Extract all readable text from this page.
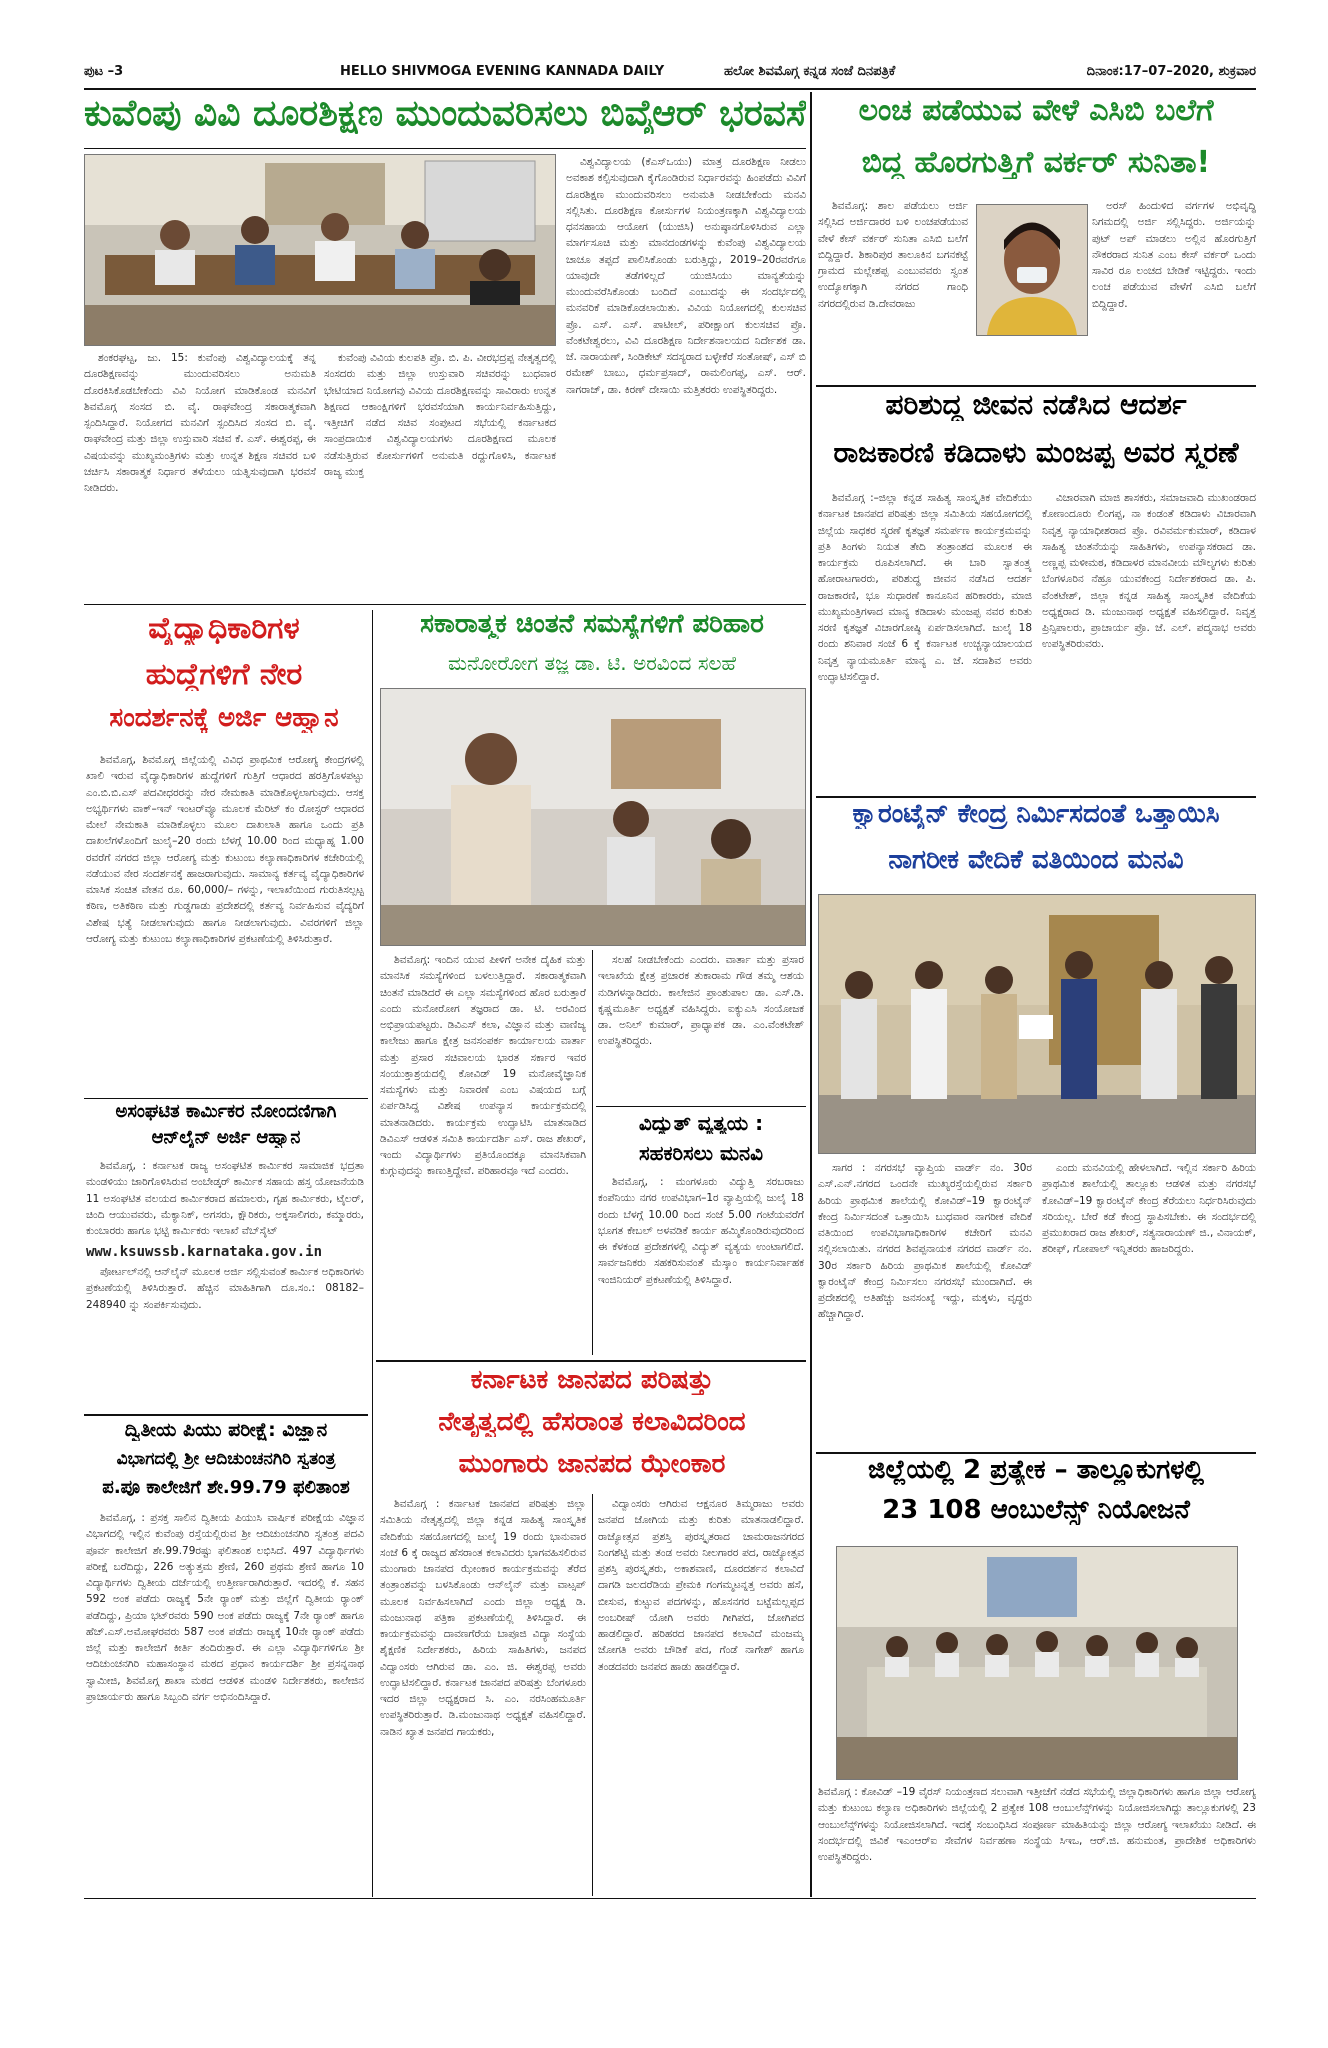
ಪುಟ –3	HELLO SHIVMOGA EVENING KANNADA DAILY	ಹಲೋ ಶಿವಮೊಗ್ಗ ಕನ್ನಡ ಸಂಜೆ ದಿನಪತ್ರಿಕೆ	ದಿನಾಂಕ:17–07–2020, ಶುಕ್ರವಾರ
ಕುವೆಂಪು ವಿವಿ ದೂರಶಿಕ್ಷಣ ಮುಂದುವರಿಸಲು ಬಿವೈಆರ್ ಭರವಸೆ

ಶಂಕರಘಟ್ಟ, ಜು. 15: ಕುವೆಂಪು ವಿಶ್ವವಿದ್ಯಾಲಯಕ್ಕೆ ತನ್ನ ದೂರಶಿಕ್ಷಣವನ್ನು ಮುಂದುವರಿಸಲು ಅನುಮತಿ ದೊರಕಿಸಿಕೊಡಬೇಕೆಂದು ವಿವಿ ನಿಯೋಗ ಮಾಡಿಕೊಂಡ ಮನವಿಗೆ ಶಿವಮೊಗ್ಗ ಸಂಸದ ಬಿ. ವೈ. ರಾಘವೇಂದ್ರ ಸಕಾರಾತ್ಮಕವಾಗಿ ಸ್ಪಂದಿಸಿದ್ದಾರೆ. ನಿಯೋಗದ ಮನವಿಗೆ ಸ್ಪಂದಿಸಿದ ಸಂಸದ ಬಿ. ವೈ. ರಾಘವೇಂದ್ರ ಮತ್ತು ಜಿಲ್ಲಾ ಉಸ್ತುವಾರಿ ಸಚಿವ ಕೆ. ಎಸ್. ಈಶ್ವರಪ್ಪ, ಈ ವಿಷಯವನ್ನು ಮುಖ್ಯಮಂತ್ರಿಗಳು ಮತ್ತು ಉನ್ನತ ಶಿಕ್ಷಣ ಸಚಿವರ ಬಳಿ ಚರ್ಚಿಸಿ ಸಕಾರಾತ್ಮಕ ನಿರ್ಧಾರ ತಳೆಯಲು ಯತ್ನಿಸುವುದಾಗಿ ಭರವಸೆ ನೀಡಿದರು.

ಕುವೆಂಪು ವಿವಿಯ ಕುಲಪತಿ ಪ್ರೊ. ಬಿ. ಪಿ. ವೀರಭದ್ರಪ್ಪ ನೇತೃತ್ವದಲ್ಲಿ ಸಂಸದರು ಮತ್ತು ಜಿಲ್ಲಾ ಉಸ್ತುವಾರಿ ಸಚಿವರನ್ನು ಬುಧವಾರ ಭೇಟಿಯಾದ ನಿಯೋಗವು ವಿವಿಯ ದೂರಶಿಕ್ಷಣವನ್ನು ಸಾವಿರಾರು ಉನ್ನತ ಶಿಕ್ಷಣದ ಆಕಾಂಕ್ಷಿಗಳಿಗೆ ಭರವಸೆಯಾಗಿ ಕಾರ್ಯನಿರ್ವಹಿಸುತ್ತಿದ್ದು, ಇತ್ತೀಚಿಗೆ ನಡೆದ ಸಚಿವ ಸಂಪುಟದ ಸಭೆಯಲ್ಲಿ ಕರ್ನಾಟಕದ ಸಾಂಪ್ರದಾಯಿಕ ವಿಶ್ವವಿದ್ಯಾಲಯಗಳು ದೂರಶಿಕ್ಷಣದ ಮೂಲಕ ನಡೆಸುತ್ತಿರುವ ಕೋರ್ಸುಗಳಿಗೆ ಅನುಮತಿ ರದ್ದುಗೊಳಿಸಿ, ಕರ್ನಾಟಕ ರಾಜ್ಯ ಮುಕ್ತ

ವಿಶ್ವವಿದ್ಯಾಲಯ (ಕೆಎಸ್‌ಒಯು) ಮಾತ್ರ ದೂರಶಿಕ್ಷಣ ನೀಡಲು ಅವಕಾಶ ಕಲ್ಪಿಸುವುದಾಗಿ ಕೈಗೊಂಡಿರುವ ನಿರ್ಧಾರವನ್ನು ಹಿಂಪಡೆದು ವಿವಿಗೆ ದೂರಶಿಕ್ಷಣ ಮುಂದುವರಿಸಲು ಅನುಮತಿ ನೀಡಬೇಕೆಂದು ಮನವಿ ಸಲ್ಲಿಸಿತು. ದೂರಶಿಕ್ಷಣ ಕೋರ್ಸುಗಳ ನಿಯಂತ್ರಣಕ್ಕಾಗಿ ವಿಶ್ವವಿದ್ಯಾಲಯ ಧನಸಹಾಯ ಆಯೋಗ (ಯುಜಿಸಿ) ಅನುಷ್ಠಾನಗೊಳಿಸಿರುವ ಎಲ್ಲಾ ಮಾರ್ಗಸೂಚಿ ಮತ್ತು ಮಾನದಂಡಗಳನ್ನು ಕುವೆಂಪು ವಿಶ್ವವಿದ್ಯಾಲಯ ಚಾಚೂ ತಪ್ಪದೆ ಪಾಲಿಸಿಕೊಂಡು ಬರುತ್ತಿದ್ದು, 2019–20ರವರೆಗೂ ಯಾವುದೇ ತಡೆಗಳಿಲ್ಲದೆ ಯುಜಿಸಿಯು ಮಾನ್ಯತೆಯನ್ನು ಮುಂದುವರೆಸಿಕೊಂಡು ಬಂದಿದೆ ಎಂಬುದನ್ನು ಈ ಸಂದರ್ಭದಲ್ಲಿ ಮನವರಿಕೆ ಮಾಡಿಕೊಡಲಾಯಿತು. ವಿವಿಯ ನಿಯೋಗದಲ್ಲಿ ಕುಲಸಚಿವ ಪ್ರೊ. ಎಸ್. ಎಸ್. ಪಾಟೀಲ್, ಪರೀಕ್ಷಾಂಗ ಕುಲಸಚಿವ ಪ್ರೊ. ವೆಂಕಟೇಶ್ವರಲು, ವಿವಿ ದೂರಶಿಕ್ಷಣ ನಿರ್ದೇಶನಾಲಯದ ನಿರ್ದೇಶಕ ಡಾ. ಜೆ. ನಾರಾಯಣ್, ಸಿಂಡಿಕೇಟ್ ಸದಸ್ಯರಾದ ಬಳ್ಳೇಕೆರೆ ಸಂತೋಷ್, ಎಸ್ ಬಿ ರಮೇಶ್ ಬಾಬು, ಧರ್ಮಪ್ರಸಾದ್, ರಾಮಲಿಂಗಪ್ಪ, ಎಸ್. ಆರ್. ನಾಗರಾಜ್, ಡಾ. ಕಿರಣ್ ದೇಸಾಯಿ ಮತ್ತಿತರರು ಉಪಸ್ಥಿತರಿದ್ದರು.

ಲಂಚ ಪಡೆಯುವ ವೇಳೆ ಎಸಿಬಿ ಬಲೆಗೆ
ಬಿದ್ದ ಹೊರಗುತ್ತಿಗೆ ವರ್ಕರ್ ಸುನಿತಾ!

ಶಿವಮೊಗ್ಗ: ಶಾಲ ಪಡೆಯಲು ಅರ್ಜಿ ಸಲ್ಲಿಸಿದ ಅರ್ಜಿದಾರರ ಬಳಿ ಲಂಚಪಡೆಯುವ ವೇಳೆ ಕೇಸ್ ವರ್ಕರ್ ಸುನಿತಾ ಎಸಿಬಿ ಬಲೆಗೆ ಬಿದ್ದಿದ್ದಾರೆ. ಶಿಕಾರಿಪುರ ತಾಲೂಕಿನ ಬಗನಕಟ್ಟೆ ಗ್ರಾಮದ ಮಲ್ಲೇಶಪ್ಪ ಎಂಬುವವರು ಸ್ವಂತ ಉದ್ಯೋಗಕ್ಕಾಗಿ ನಗರದ ಗಾಂಧಿ ನಗರದಲ್ಲಿರುವ ಡಿ.ದೇವರಾಜು

ಅರಸ್ ಹಿಂದುಳಿದ ವರ್ಗಗಳ ಅಭಿವೃದ್ಧಿ ನಿಗಮದಲ್ಲಿ ಅರ್ಜಿ ಸಲ್ಲಿಸಿದ್ದರು. ಅರ್ಜಿಯನ್ನು ಪುಟ್ ಅಪ್ ಮಾಡಲು ಅಲ್ಲಿನ ಹೊರಗುತ್ತಿಗೆ ನೌಕರರಾದ ಸುನಿತ ಎಂಬ ಕೇಸ್ ವರ್ಕರ್ ಒಂದು ಸಾವಿರ ರೂ ಲಂಚದ ಬೇಡಿಕೆ ಇಟ್ಟಿದ್ದರು. ಇಂದು ಲಂಚ ಪಡೆಯುವ ವೇಳೆಗೆ ಎಸಿಬಿ ಬಲೆಗೆ ಬಿದ್ದಿದ್ದಾರೆ.

ಪರಿಶುದ್ಧ ಜೀವನ ನಡೆಸಿದ ಆದರ್ಶ
ರಾಜಕಾರಣಿ ಕಡಿದಾಳು ಮಂಜಪ್ಪ ಅವರ ಸ್ಮರಣೆ

ಶಿವಮೊಗ್ಗ :–ಜಿಲ್ಲಾ ಕನ್ನಡ ಸಾಹಿತ್ಯ ಸಾಂಸ್ಕೃತಿಕ ವೇದಿಕೆಯು ಕರ್ನಾಟಕ ಜಾನಪದ ಪರಿಷತ್ತು ಜಿಲ್ಲಾ ಸಮಿತಿಯ ಸಹಯೋಗದಲ್ಲಿ ಜಿಲ್ಲೆಯ ಸಾಧಕರ ಸ್ಮರಣೆ ಕೃತಜ್ಞತೆ ಸಮರ್ಪಣ ಕಾರ್ಯಕ್ರಮವನ್ನು ಪ್ರತಿ ತಿಂಗಳು ನಿಯತ ತೇದಿ ತಂತ್ರಾಂಶದ ಮೂಲಕ ಈ ಕಾರ್ಯಕ್ರಮ ರೂಪಿಸಲಾಗಿದೆ. ಈ ಬಾರಿ ಸ್ವಾತಂತ್ರ್ಯ ಹೋರಾಟಗಾರರು, ಪರಿಶುದ್ಧ ಜೀವನ ನಡೆಸಿದ ಆದರ್ಶ ರಾಜಕಾರಣಿ, ಭೂ ಸುಧಾರಣೆ ಕಾನೂನಿನ ಹರಿಕಾರರು, ಮಾಜಿ ಮುಖ್ಯಮಂತ್ರಿಗಳಾದ ಮಾನ್ಯ ಕಡಿದಾಳು ಮಂಜಪ್ಪ ನವರ ಕುರಿತು ಸರಣಿ ಕೃತಜ್ಞತೆ ವಿಚಾರಗೋಷ್ಠಿ ಏರ್ಪಡಿಸಲಾಗಿದೆ. ಜುಲೈ 18 ರಂದು ಶನಿವಾರ ಸಂಜೆ 6 ಕ್ಕೆ ಕರ್ನಾಟಕ ಉಚ್ಚನ್ಯಾಯಾಲಯದ ನಿವೃತ್ತ ನ್ಯಾಯಮೂರ್ತಿ ಮಾನ್ಯ ಎ. ಜೆ. ಸದಾಶಿವ ಅವರು ಉದ್ಘಾಟಿಸಲಿದ್ದಾರೆ.

ವಿಚಾರವಾಗಿ ಮಾಜಿ ಶಾಸಕರು, ಸಮಾಜವಾದಿ ಮುಖಂಡರಾದ ಕೋಣಂದೂರು ಲಿಂಗಪ್ಪ, ನಾ ಕಂಡಂತೆ ಕಡಿದಾಳು ವಿಚಾರವಾಗಿ ನಿವೃತ್ತ ನ್ಯಾಯಾಧೀಶರಾದ ಪ್ರೊ. ರವಿವರ್ಮಕುಮಾರ್, ಕಡಿದಾಳ ಸಾಹಿತ್ಯ ಚಿಂತನೆಯನ್ನು ಸಾಹಿತಿಗಳು, ಉಪನ್ಯಾಸಕರಾದ ಡಾ. ಅಣ್ಣಪ್ಪ ಮಳೀಮಠ, ಕಡಿದಾಳರ ಮಾನವೀಯ ಮೌಲ್ಯಗಳು ಕುರಿತು ಬೆಂಗಳೂರಿನ ನೆಹ್ರೂ ಯುವಕೇಂದ್ರ ನಿರ್ದೇಶಕರಾದ ಡಾ. ಪಿ. ವೆಂಕಟೇಶ್, ಜಿಲ್ಲಾ ಕನ್ನಡ ಸಾಹಿತ್ಯ ಸಾಂಸ್ಕೃತಿಕ ವೇದಿಕೆಯ ಅಧ್ಯಕ್ಷರಾದ ಡಿ. ಮಂಜುನಾಥ ಅಧ್ಯಕ್ಷತೆ ವಹಿಸಲಿದ್ದಾರೆ. ನಿವೃತ್ತ ಪ್ರಿನ್ಸಿಪಾಲರು, ಪ್ರಾಚಾರ್ಯ ಪ್ರೊ. ಜೆ. ಎಲ್. ಪದ್ಮನಾಭ ಅವರು ಉಪಸ್ಥಿತರಿರುವರು.

ಕ್ವಾರಂಟೈನ್ ಕೇಂದ್ರ ನಿರ್ಮಿಸದಂತೆ ಒತ್ತಾಯಿಸಿ
ನಾಗರೀಕ ವೇದಿಕೆ ವತಿಯಿಂದ ಮನವಿ

ಸಾಗರ : ನಗರಸಭೆ ವ್ಯಾಪ್ತಿಯ ವಾರ್ಡ್ ನಂ. 30ರ ಎಸ್.ಎನ್.ನಗರದ ಒಂದನೇ ಮುಖ್ಯರಸ್ತೆಯಲ್ಲಿರುವ ಸರ್ಕಾರಿ ಹಿರಿಯ ಪ್ರಾಥಮಿಕ ಶಾಲೆಯಲ್ಲಿ ಕೋವಿಡ್–19 ಕ್ವಾರಂಟೈನ್ ಕೇಂದ್ರ ನಿರ್ಮಿಸದಂತೆ ಒತ್ತಾಯಿಸಿ ಬುಧವಾರ ನಾಗರೀಕ ವೇದಿಕೆ ವತಿಯಿಂದ ಉಪವಿಭಾಗಾಧಿಕಾರಿಗಳ ಕಚೇರಿಗೆ ಮನವಿ ಸಲ್ಲಿಸಲಾಯಿತು. ನಗರದ ಶಿವಪ್ಪನಾಯಕ ನಗರದ ವಾರ್ಡ್ ನಂ. 30ರ ಸರ್ಕಾರಿ ಹಿರಿಯ ಪ್ರಾಥಮಿಕ ಶಾಲೆಯಲ್ಲಿ ಕೋವಿಡ್ ಕ್ವಾರಂಟೈನ್ ಕೇಂದ್ರ ನಿರ್ಮಿಸಲು ನಗರಸಭೆ ಮುಂದಾಗಿದೆ. ಈ ಪ್ರದೇಶದಲ್ಲಿ ಅತಿಹೆಚ್ಚು ಜನಸಂಖ್ಯೆ ಇದ್ದು, ಮಕ್ಕಳು, ವೃದ್ಧರು ಹೆಚ್ಚಾಗಿದ್ದಾರೆ.

ಎಂದು ಮನವಿಯಲ್ಲಿ ಹೇಳಲಾಗಿದೆ. ಇಲ್ಲಿನ ಸರ್ಕಾರಿ ಹಿರಿಯ ಪ್ರಾಥಮಿಕ ಶಾಲೆಯಲ್ಲಿ ತಾಲ್ಲೂಕು ಆಡಳಿತ ಮತ್ತು ನಗರಸಭೆ ಕೋವಿಡ್–19 ಕ್ವಾರಂಟೈನ್ ಕೇಂದ್ರ ತೆರೆಯಲು ನಿರ್ಧರಿಸಿರುವುದು ಸರಿಯಲ್ಲ. ಬೇರೆ ಕಡೆ ಕೇಂದ್ರ ಸ್ಥಾಪಿಸಬೇಕು. ಈ ಸಂದರ್ಭದಲ್ಲಿ ಪ್ರಮುಖರಾದ ರಾಜ ಶೇಖರ್, ಸತ್ಯನಾರಾಯಣ್ ಜಿ., ವಿನಾಯಕ್, ಶರೀಫ್, ಗೋಪಾಲ್ ಇನ್ನಿತರರು ಹಾಜರಿದ್ದರು.

ಜಿಲ್ಲೆಯಲ್ಲಿ 2 ಪ್ರತ್ಯೇಕ – ತಾಲ್ಲೂಕುಗಳಲ್ಲಿ
23 108 ಆಂಬುಲೆನ್ಸ್ ನಿಯೋಜನೆ
ಶಿವಮೊಗ್ಗ : ಕೋವಿಡ್ –19 ವೈರಸ್ ನಿಯಂತ್ರಣದ ಸಲುವಾಗಿ ಇತ್ತೀಚೆಗೆ ನಡೆದ ಸಭೆಯಲ್ಲಿ ಜಿಲ್ಲಾಧಿಕಾರಿಗಳು ಹಾಗೂ ಜಿಲ್ಲಾ ಆರೋಗ್ಯ ಮತ್ತು ಕುಟುಂಬ ಕಲ್ಯಾಣ ಅಧಿಕಾರಿಗಳು ಜಿಲ್ಲೆಯಲ್ಲಿ 2 ಪ್ರತ್ಯೇಕ 108 ಆಂಬುಲೆನ್ಸ್‌ಗಳನ್ನು ನಿಯೋಜಿಸಲಾಗಿದ್ದು ತಾಲ್ಲೂಕುಗಳಲ್ಲಿ 23 ಆಂಬುಲೆನ್ಸ್‌ಗಳನ್ನು ನಿಯೋಜಿಸಲಾಗಿದೆ. ಇದಕ್ಕೆ ಸಂಬಂಧಿಸಿದ ಸಂಪೂರ್ಣ ಮಾಹಿತಿಯನ್ನು ಜಿಲ್ಲಾ ಆರೋಗ್ಯ ಇಲಾಖೆಯು ನೀಡಿದೆ. ಈ ಸಂದರ್ಭದಲ್ಲಿ ಜಿವಿಕೆ ಇಎಂಆರ್‌ಐ ಸೇವೆಗಳ ನಿರ್ವಹಣಾ ಸಂಸ್ಥೆಯ ಸಿಇಒ, ಆರ್.ಜಿ. ಹನುಮಂತ, ಪ್ರಾದೇಶಿಕ ಅಧಿಕಾರಿಗಳು ಉಪಸ್ಥಿತರಿದ್ದರು.
ವೈದ್ಯಾಧಿಕಾರಿಗಳ
ಹುದ್ದೆಗಳಿಗೆ ನೇರ
ಸಂದರ್ಶನಕ್ಕೆ ಅರ್ಜಿ ಆಹ್ವಾನ

ಶಿವಮೊಗ್ಗ, ಶಿವಮೊಗ್ಗ ಜಿಲ್ಲೆಯಲ್ಲಿ ವಿವಿಧ ಪ್ರಾಥಮಿಕ ಆರೋಗ್ಯ ಕೇಂದ್ರಗಳಲ್ಲಿ ಖಾಲಿ ಇರುವ ವೈದ್ಯಾಧಿಕಾರಿಗಳ ಹುದ್ದೆಗಳಿಗೆ ಗುತ್ತಿಗೆ ಆಧಾರದ ಹರತ್ತಿಗೊಳಪಟ್ಟು ಎಂ.ಬಿ.ಬಿ.ಎಸ್ ಪದವೀಧರರನ್ನು ನೇರ ನೇಮಕಾತಿ ಮಾಡಿಕೊಳ್ಳಲಾಗುವುದು. ಆಸಕ್ತ ಅಭ್ಯರ್ಥಿಗಳು ವಾಕ್–ಇನ್ ಇಂಟರ್‌ವ್ಯೂ ಮೂಲಕ ಮೆರಿಟ್ ಕಂ ರೋಸ್ಟರ್ ಆಧಾರದ ಮೇಲೆ ನೇಮಕಾತಿ ಮಾಡಿಕೊಳ್ಳಲು ಮೂಲ ದಾಖಲಾತಿ ಹಾಗೂ ಒಂದು ಪ್ರತಿ ದಾಖಲೆಗಳೊಂದಿಗೆ ಜುಲೈ–20 ರಂದು ಬೆಳಗ್ಗೆ 10.00 ರಿಂದ ಮಧ್ಯಾಹ್ನ 1.00 ರವರೆಗೆ ನಗರದ ಜಿಲ್ಲಾ ಆರೋಗ್ಯ ಮತ್ತು ಕುಟುಂಬ ಕಲ್ಯಾಣಾಧಿಕಾರಿಗಳ ಕಚೇರಿಯಲ್ಲಿ ನಡೆಯುವ ನೇರ ಸಂದರ್ಶನಕ್ಕೆ ಹಾಜರಾಗುವುದು. ಸಾಮಾನ್ಯ ಕರ್ತವ್ಯ ವೈದ್ಯಾಧಿಕಾರಿಗಳ ಮಾಸಿಕ ಸಂಚಿತ ವೇತನ ರೂ. 60,000/– ಗಳನ್ನು, ಇಲಾಖೆಯಿಂದ ಗುರುತಿಸಲ್ಪಟ್ಟ ಕಠಿಣ, ಅತಿಕಠಿಣ ಮತ್ತು ಗುಡ್ಡಗಾಡು ಪ್ರದೇಶದಲ್ಲಿ ಕರ್ತವ್ಯ ನಿರ್ವಹಿಸುವ ವೈದ್ಯರಿಗೆ ವಿಶೇಷ ಭತ್ಯೆ ನೀಡಲಾಗುವುದು ಹಾಗೂ ನೀಡಲಾಗುವುದು. ವಿವರಗಳಿಗೆ ಜಿಲ್ಲಾ ಆರೋಗ್ಯ ಮತ್ತು ಕುಟುಂಬ ಕಲ್ಯಾಣಾಧಿಕಾರಿಗಳ ಪ್ರಕಟಣೆಯಲ್ಲಿ ತಿಳಿಸಿರುತ್ತಾರೆ.

ಅಸಂಘಟಿತ ಕಾರ್ಮಿಕರ ನೋಂದಣಿಗಾಗಿ
ಆನ್‌ಲೈನ್ ಅರ್ಜಿ ಆಹ್ವಾನ

ಶಿವಮೊಗ್ಗ, : ಕರ್ನಾಟಕ ರಾಜ್ಯ ಅಸಂಘಟಿತ ಕಾರ್ಮಿಕರ ಸಾಮಾಜಿಕ ಭದ್ರತಾ ಮಂಡಳಿಯು ಜಾರಿಗೊಳಿಸಿರುವ ಅಂಬೇಡ್ಕರ್ ಕಾರ್ಮಿಕ ಸಹಾಯ ಹಸ್ತ ಯೋಜನೆಯಡಿ 11 ಅಸಂಘಟಿತ ವಲಯದ ಕಾರ್ಮಿಕರಾದ ಹಮಾಲರು, ಗೃಹ ಕಾರ್ಮಿಕರು, ಟೈಲರ್, ಚಿಂದಿ ಆಯುವವರು, ಮೆಕ್ಯಾನಿಕ್, ಅಗಸರು, ಕ್ಷೌರಿಕರು, ಅಕ್ಕಸಾಲಿಗರು, ಕಮ್ಮಾರರು, ಕುಂಬಾರರು ಹಾಗೂ ಭಟ್ಟಿ ಕಾರ್ಮಿಕರು ಇಲಾಖೆ ವೆಬ್‌ಸೈಟ್

www.ksuwssb.karnataka.gov.in

ಪೋರ್ಟಲ್‌ನಲ್ಲಿ ಆನ್‌ಲೈನ್ ಮೂಲಕ ಅರ್ಜಿ ಸಲ್ಲಿಸುವಂತೆ ಕಾರ್ಮಿಕ ಅಧಿಕಾರಿಗಳು ಪ್ರಕಟಣೆಯಲ್ಲಿ ತಿಳಿಸಿರುತ್ತಾರೆ. ಹೆಚ್ಚಿನ ಮಾಹಿತಿಗಾಗಿ ದೂ.ಸಂ.: 08182–248940 ನ್ನು ಸಂಪರ್ಕಿಸುವುದು.

ದ್ವಿತೀಯ ಪಿಯು ಪರೀಕ್ಷೆ: ವಿಜ್ಞಾನ
ವಿಭಾಗದಲ್ಲಿ ಶ್ರೀ ಆದಿಚುಂಚನಗಿರಿ ಸ್ವತಂತ್ರ
ಪ.ಪೂ ಕಾಲೇಜಿಗೆ ಶೇ.99.79 ಫಲಿತಾಂಶ

ಶಿವಮೊಗ್ಗ, : ಪ್ರಸಕ್ತ ಸಾಲಿನ ದ್ವಿತೀಯ ಪಿಯುಸಿ ವಾರ್ಷಿಕ ಪರೀಕ್ಷೆಯ ವಿಜ್ಞಾನ ವಿಭಾಗದಲ್ಲಿ ಇಲ್ಲಿನ ಕುವೆಂಪು ರಸ್ತೆಯಲ್ಲಿರುವ ಶ್ರೀ ಆದಿಚುಂಚನಗಿರಿ ಸ್ವತಂತ್ರ ಪದವಿ ಪೂರ್ವ ಕಾಲೇಜಿಗೆ ಶೇ.99.79ರಷ್ಟು ಫಲಿತಾಂಶ ಲಭಿಸಿದೆ. 497 ವಿದ್ಯಾರ್ಥಿಗಳು ಪರೀಕ್ಷೆ ಬರೆದಿದ್ದು, 226 ಅತ್ಯುತ್ತಮ ಶ್ರೇಣಿ, 260 ಪ್ರಥಮ ಶ್ರೇಣಿ ಹಾಗೂ 10 ವಿದ್ಯಾರ್ಥಿಗಳು ದ್ವಿತೀಯ ದರ್ಜೆಯಲ್ಲಿ ಉತ್ತೀರ್ಣರಾಗಿರುತ್ತಾರೆ. ಇದರಲ್ಲಿ ಕೆ. ಸಹನ 592 ಅಂಕ ಪಡೆದು ರಾಜ್ಯಕ್ಕೆ 5ನೇ ರ್‍ಯಾಂಕ್ ಮತ್ತು ಜಿಲ್ಲೆಗೆ ದ್ವಿತೀಯ ರ್‍ಯಾಂಕ್ ಪಡೆದಿದ್ದು, ಪ್ರಿಯಾ ಭಟ್‌ರವರು 590 ಅಂಕ ಪಡೆದು ರಾಜ್ಯಕ್ಕೆ 7ನೇ ರ್‍ಯಾಂಕ್ ಹಾಗೂ ಹೆಚ್.ಎಸ್.ಅಮೋಘರವರು 587 ಅಂಕ ಪಡೆದು ರಾಜ್ಯಕ್ಕೆ 10ನೇ ರ್‍ಯಾಂಕ್ ಪಡೆದು ಜಿಲ್ಲೆ ಮತ್ತು ಕಾಲೇಜಿಗೆ ಕೀರ್ತಿ ತಂದಿರುತ್ತಾರೆ. ಈ ಎಲ್ಲಾ ವಿದ್ಯಾರ್ಥಿಗಳಿಗೂ ಶ್ರೀ ಆದಿಚುಂಚನಗಿರಿ ಮಹಾಸಂಸ್ಥಾನ ಮಠದ ಪ್ರಧಾನ ಕಾರ್ಯದರ್ಶಿ ಶ್ರೀ ಪ್ರಸನ್ನನಾಥ ಸ್ವಾಮೀಜಿ, ಶಿವಮೊಗ್ಗ ಶಾಖಾ ಮಠದ ಆಡಳಿತ ಮಂಡಳಿ ನಿರ್ದೇಶಕರು, ಕಾಲೇಜಿನ ಪ್ರಾಚಾರ್ಯರು ಹಾಗೂ ಸಿಬ್ಬಂದಿ ವರ್ಗ ಅಭಿನಂದಿಸಿದ್ದಾರೆ.

ಸಕಾರಾತ್ಮಕ ಚಿಂತನೆ ಸಮಸ್ಯೆಗಳಿಗೆ ಪರಿಹಾರ
ಮನೋರೋಗ ತಜ್ಞ ಡಾ. ಟಿ. ಅರವಿಂದ ಸಲಹೆ

ಶಿವಮೊಗ್ಗ: ಇಂದಿನ ಯುವ ಪೀಳಿಗೆ ಅನೇಕ ದೈಹಿಕ ಮತ್ತು ಮಾನಸಿಕ ಸಮಸ್ಯೆಗಳಿಂದ ಬಳಲುತ್ತಿದ್ದಾರೆ. ಸಕಾರಾತ್ಮಕವಾಗಿ ಚಿಂತನೆ ಮಾಡಿದರೆ ಈ ಎಲ್ಲಾ ಸಮಸ್ಯೆಗಳಿಂದ ಹೊರ ಬರುತ್ತಾರೆ ಎಂದು ಮನೋರೋಗ ತಜ್ಞರಾದ ಡಾ. ಟಿ. ಅರವಿಂದ ಅಭಿಪ್ರಾಯಪಟ್ಟರು. ಡಿವಿಎಸ್ ಕಲಾ, ವಿಜ್ಞಾನ ಮತ್ತು ವಾಣಿಜ್ಯ ಕಾಲೇಜು ಹಾಗೂ ಕ್ಷೇತ್ರ ಜನಸಂಪರ್ಕ ಕಾರ್ಯಾಲಯ ವಾರ್ತಾ ಮತ್ತು ಪ್ರಸಾರ ಸಚಿವಾಲಯ ಭಾರತ ಸರ್ಕಾರ ಇವರ ಸಂಯುಕ್ತಾಶ್ರಯದಲ್ಲಿ ಕೋವಿಡ್ 19 ಮನೋವೈಜ್ಞಾನಿಕ ಸಮಸ್ಯೆಗಳು ಮತ್ತು ನಿವಾರಣೆ ಎಂಬ ವಿಷಯದ ಬಗ್ಗೆ ಏರ್ಪಡಿಸಿದ್ದ ವಿಶೇಷ ಉಪನ್ಯಾಸ ಕಾರ್ಯಕ್ರಮದಲ್ಲಿ ಮಾತನಾಡಿದರು. ಕಾರ್ಯಕ್ರಮ ಉದ್ಘಾಟಿಸಿ ಮಾತನಾಡಿದ ಡಿವಿಎಸ್ ಆಡಳಿತ ಸಮಿತಿ ಕಾರ್ಯದರ್ಶಿ ಎಸ್. ರಾಜ ಶೇಖರ್, ಇಂದು ವಿದ್ಯಾರ್ಥಿಗಳು ಪ್ರತಿಯೊಂದಕ್ಕೂ ಮಾನಸಿಕವಾಗಿ ಕುಗ್ಗುವುದನ್ನು ಕಾಣುತ್ತಿದ್ದೇವೆ. ಪರಿಹಾರವೂ ಇದೆ ಎಂದರು.

ಸಲಹೆ ನೀಡಬೇಕೆಂದು ಎಂದರು. ವಾರ್ತಾ ಮತ್ತು ಪ್ರಸಾರ ಇಲಾಖೆಯ ಕ್ಷೇತ್ರ ಪ್ರಚಾರಕ ತುಕಾರಾಮ ಗೌಡ ತಮ್ಮ ಆಶಯ ನುಡಿಗಳನ್ನಾಡಿದರು. ಕಾಲೇಜಿನ ಪ್ರಾಂಶುಪಾಲ ಡಾ. ಎಸ್.ಡಿ. ಕೃಷ್ಣಮೂರ್ತಿ ಅಧ್ಯಕ್ಷತೆ ವಹಿಸಿದ್ದರು. ಐಕ್ಯುಎಸಿ ಸಂಯೋಜಕ ಡಾ. ಅನಿಲ್ ಕುಮಾರ್, ಪ್ರಾಧ್ಯಾಪಕ ಡಾ. ಎಂ.ವೆಂಕಟೇಶ್ ಉಪಸ್ಥಿತರಿದ್ದರು.

ವಿದ್ಯುತ್ ವ್ಯತ್ಯಯ :
ಸಹಕರಿಸಲು ಮನವಿ

ಶಿವಮೊಗ್ಗ, : ಮಂಗಳೂರು ವಿದ್ಯುತ್ತಿ ಸರಬರಾಜು ಕಂಪೆನಿಯು ನಗರ ಉಪವಿಭಾಗ–1ರ ವ್ಯಾಪ್ತಿಯಲ್ಲಿ ಜುಲೈ 18 ರಂದು ಬೆಳಗ್ಗೆ 10.00 ರಿಂದ ಸಂಜೆ 5.00 ಗಂಟೆಯವರೆಗೆ ಭೂಗತ ಕೇಬಲ್ ಅಳವಡಿಕೆ ಕಾರ್ಯ ಹಮ್ಮಿಕೊಂಡಿರುವುದರಿಂದ ಈ ಕೆಳಕಂಡ ಪ್ರದೇಶಗಳಲ್ಲಿ ವಿದ್ಯುತ್ ವ್ಯತ್ಯಯ ಉಂಟಾಗಲಿದೆ. ಸಾರ್ವಜನಿಕರು ಸಹಕರಿಸುವಂತೆ ಮೆಸ್ಕಾಂ ಕಾರ್ಯನಿರ್ವಾಹಕ ಇಂಜಿನಿಯರ್ ಪ್ರಕಟಣೆಯಲ್ಲಿ ತಿಳಿಸಿದ್ದಾರೆ.

ಕರ್ನಾಟಕ ಜಾನಪದ ಪರಿಷತ್ತು
ನೇತೃತ್ವದಲ್ಲಿ ಹೆಸರಾಂತ ಕಲಾವಿದರಿಂದ
ಮುಂಗಾರು ಜಾನಪದ ಝೇಂಕಾರ

ಶಿವಮೊಗ್ಗ : ಕರ್ನಾಟಕ ಜಾನಪದ ಪರಿಷತ್ತು ಜಿಲ್ಲಾ ಸಮಿತಿಯ ನೇತೃತ್ವದಲ್ಲಿ ಜಿಲ್ಲಾ ಕನ್ನಡ ಸಾಹಿತ್ಯ ಸಾಂಸ್ಕೃತಿಕ ವೇದಿಕೆಯ ಸಹಯೋಗದಲ್ಲಿ ಜುಲೈ 19 ರಂದು ಭಾನುವಾರ ಸಂಜೆ 6 ಕ್ಕೆ ರಾಜ್ಯದ ಹೆಸರಾಂತ ಕಲಾವಿದರು ಭಾಗವಹಿಸಲಿರುವ ಮುಂಗಾರು ಜಾನಪದ ಝೇಂಕಾರ ಕಾರ್ಯಕ್ರಮವನ್ನು ತೆರೆದ ತಂತ್ರಾಂಶವನ್ನು ಬಳಸಿಕೊಂಡು ಆನ್‌ಲೈನ್ ಮತ್ತು ವಾಟ್ಸಪ್ ಮೂಲಕ ನಿರ್ವಹಿಸಲಾಗಿದೆ ಎಂದು ಜಿಲ್ಲಾ ಅಧ್ಯಕ್ಷ ಡಿ. ಮಂಜುನಾಥ ಪತ್ರಿಕಾ ಪ್ರಕಟಣೆಯಲ್ಲಿ ತಿಳಿಸಿದ್ದಾರೆ. ಈ ಕಾರ್ಯಕ್ರಮವನ್ನು ದಾವಣಗೆರೆಯ ಬಾಪೂಜಿ ವಿದ್ಯಾ ಸಂಸ್ಥೆಯ ಶೈಕ್ಷಣಿಕ ನಿರ್ದೇಶಕರು, ಹಿರಿಯ ಸಾಹಿತಿಗಳು, ಜನಪದ ವಿದ್ವಾಂಸರು ಆಗಿರುವ ಡಾ. ಎಂ. ಜಿ. ಈಶ್ವರಪ್ಪ ಅವರು ಉದ್ಘಾಟಿಸಲಿದ್ದಾರೆ. ಕರ್ನಾಟಕ ಜಾನಪದ ಪರಿಷತ್ತು ಬೆಂಗಳೂರು ಇದರ ಜಿಲ್ಲಾ ಅಧ್ಯಕ್ಷರಾದ ಸಿ. ಎಂ. ನರಸಿಂಹಮೂರ್ತಿ ಉಪಸ್ಥಿತರಿರುತ್ತಾರೆ. ಡಿ.ಮಂಜುನಾಥ ಅಧ್ಯಕ್ಷತೆ ವಹಿಸಲಿದ್ದಾರೆ. ನಾಡಿನ ಖ್ಯಾತ ಜನಪದ ಗಾಯಕರು,

ವಿದ್ವಾಂಸರು ಆಗಿರುವ ಆಕ್ಷನೂರ ತಿಮ್ಮರಾಜು ಅವರು ಜನಪದ ಜೋಗಿಯ ಮತ್ತು ಕುರಿತು ಮಾತನಾಡಲಿದ್ದಾರೆ. ರಾಜ್ಯೋತ್ಸವ ಪ್ರಶಸ್ತಿ ಪುರಸ್ಕೃತರಾದ ಚಾಮರಾಜನಗರದ ನಿಂಗಶೆಟ್ಟಿ ಮತ್ತು ತಂಡ ಅವರು ನೀಲಗಾರರ ಪದ, ರಾಜ್ಯೋತ್ಸವ ಪ್ರಶಸ್ತಿ ಪುರಸ್ಕೃತರು, ಅಕಾಶವಾಣಿ, ದೂರದರ್ಶನ ಕಲಾವಿದೆ ದಾಗಡಿ ಜಲದರೆಡಿಯ ಪ್ರೇಮಕಿ ಗಂಗಮ್ಮಟನ್ನತ್ತ ಅವರು ಹಸೆ, ಬೀಸುವ, ಕುಟ್ಟುವ ಪದಗಳನ್ನು, ಹೊಸನಗರ ಬಟ್ಟೆಮಲ್ಲಪ್ಪದ ಅಂಬರೀಷ್ ಯೋಗಿ ಅವರು ಗೀಗಿಪದ, ಜೋಗಿಪದ ಹಾಡಲಿದ್ದಾರೆ. ಹರಿಹರದ ಜಾನಪದ ಕಲಾವಿದೆ ಮಂಜಮ್ಮ ಜೋಗತಿ ಅವರು ಚೌಡಿಕೆ ಪದ, ಗೆಂಡೆ ನಾಗೇಶ್ ಹಾಗೂ ತಂಡದವರು ಜನಪದ ಹಾಡು ಹಾಡಲಿದ್ದಾರೆ.
